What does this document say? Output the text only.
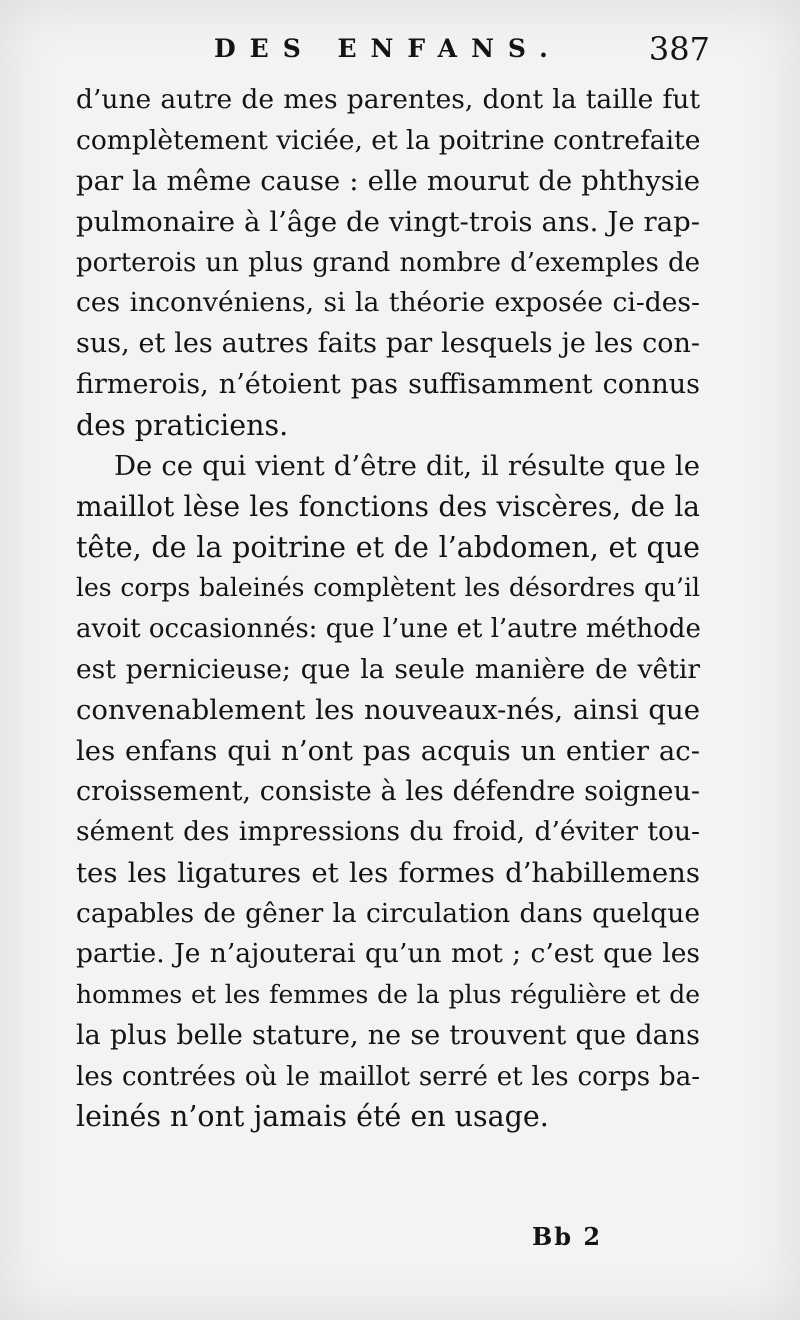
DES ENFANS.	387
d’une autre de mes parentes, dont la taille fut
complètement viciée, et la poitrine contrefaite
par la même cause : elle mourut de phthysie
pulmonaire à l’âge de vingt-trois ans. Je rap-
porterois un plus grand nombre d’exemples de
ces inconvéniens, si la théorie exposée ci-des-
sus, et les autres faits par lesquels je les con-
firmerois, n’étoient pas suffisamment connus
des praticiens.
De ce qui vient d’être dit, il résulte que le
maillot lèse les fonctions des viscères, de la
tête, de la poitrine et de l’abdomen, et que
les corps baleinés complètent les désordres qu’il
avoit occasionnés: que l’une et l’autre méthode
est pernicieuse; que la seule manière de vêtir
convenablement les nouveaux-nés, ainsi que
les enfans qui n’ont pas acquis un entier ac-
croissement, consiste à les défendre soigneu-
sément des impressions du froid, d’éviter tou-
tes les ligatures et les formes d’habillemens
capables de gêner la circulation dans quelque
partie. Je n’ajouterai qu’un mot ; c’est que les
hommes et les femmes de la plus régulière et de
la plus belle stature, ne se trouvent que dans
les contrées où le maillot serré et les corps ba-
leinés n’ont jamais été en usage.
Bb 2
